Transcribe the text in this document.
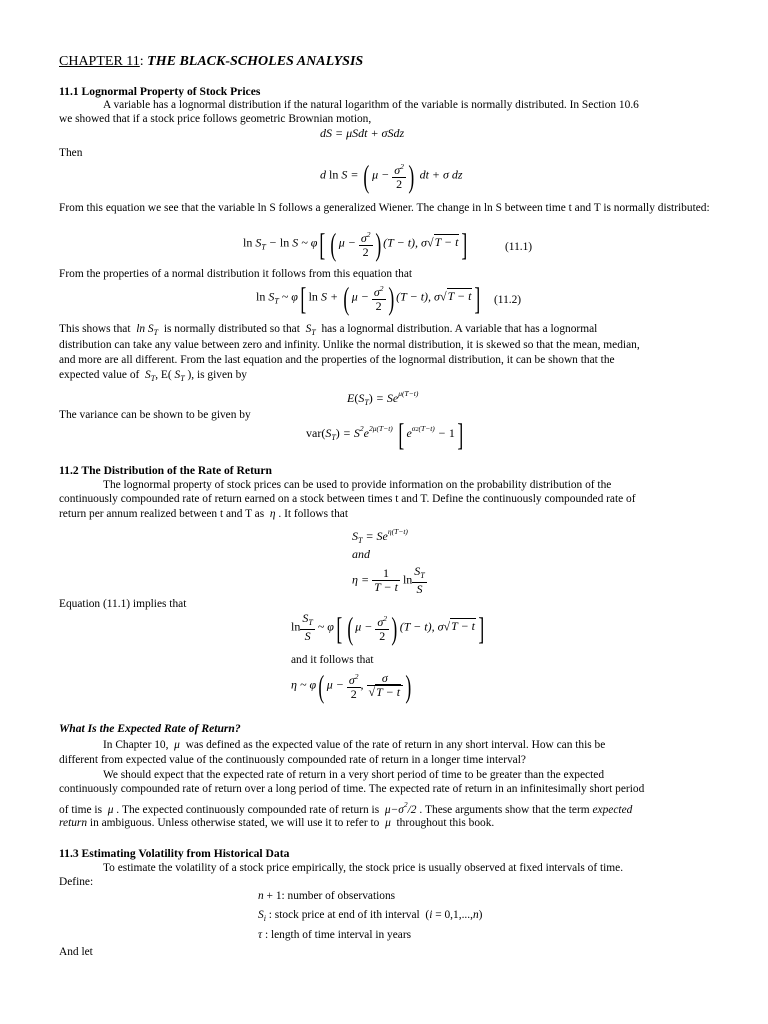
CHAPTER 11: THE BLACK-SCHOLES ANALYSIS
11.1 Lognormal Property of Stock Prices
A variable has a lognormal distribution if the natural logarithm of the variable is normally distributed. In Section 10.6
we showed that if a stock price follows geometric Brownian motion,
dS = μSdt + σSdz
Then
d ln S = ( $\mu - \frac{\sigma^2}{2}$ ) dt + σ dz
From this equation we see that the variable ln S follows a generalized Wiener. The change in ln S between time t and T is normally distributed:
$\ln S_T - \ln S$ ~ φ[ ( $\mu - \frac{\sigma^2}{2}$ ) (T − t), σ√T − t ]	(11.1)
From the properties of a normal distribution it follows from this equation that
$\ln S_T$ ~ φ[ ln S + ( $\mu - \frac{\sigma^2}{2}$ ) (T − t), σ√T − t ] (11.2)
This shows that  $\ln S_T$ is normally distributed so that  $S_T$ has a lognormal distribution. A variable that has a lognormal
distribution can take any value between zero and infinity. Unlike the normal distribution, it is skewed so that the mean, median,
and more are all different. From the last equation and the properties of the lognormal distribution, it can be shown that the
expected value of  $S_T$, E( $S_T$ ), is given by
$E(S_T) = Se^{\mu(T-t)}$
The variance can be shown to be given by
$var(S_T) = S^2e^{2\mu(T-t)}$ [ $e^{\sigma 2(T-t)} - 1$]
11.2 The Distribution of the Rate of Return
The lognormal property of stock prices can be used to provide information on the probability distribution of the
continuously compounded rate of return earned on a stock between times t and T. Define the continuously compounded rate of
return per annum realized between t and T as  η . It follows that
$S_T = Se^{\eta(T-t)}$
and
$\eta = \frac{1}{T - t}$ $\ln \frac{S_T}{S}$
Equation (11.1) implies that
$\ln \frac{S_T}{S}$ ~ φ[ ( $\mu - \frac{\sigma^2}{2}$ ) (T − t), σ√T − t ]
and it follows that
η ~ φ( $\mu - \frac{\sigma^2}{2}$ , $\frac{\sigma}{√T - t}$ )
What Is the Expected Rate of Return?
In Chapter 10,  μ  was defined as the expected value of the rate of return in any short interval. How can this be
different from expected value of the continuously compounded rate of return in a longer time interval?
We should expect that the expected rate of return in a very short period of time to be greater than the expected
continuously compounded rate of return over a long period of time. The expected rate of return in an infinitesimally short period
of time is  μ . The expected continuously compounded rate of return is  $\mu-\sigma^2/2$ . These arguments show that the term expected
return in ambiguous. Unless otherwise stated, we will use it to refer to  μ  throughout this book.
11.3 Estimating Volatility from Historical Data
To estimate the volatility of a stock price empirically, the stock price is usually observed at fixed intervals of time.
Define:
n + 1: number of observations
$S_i$ : stock price at end of ith interval  (i = 0,1,...,n)
τ : length of time interval in years
And let
